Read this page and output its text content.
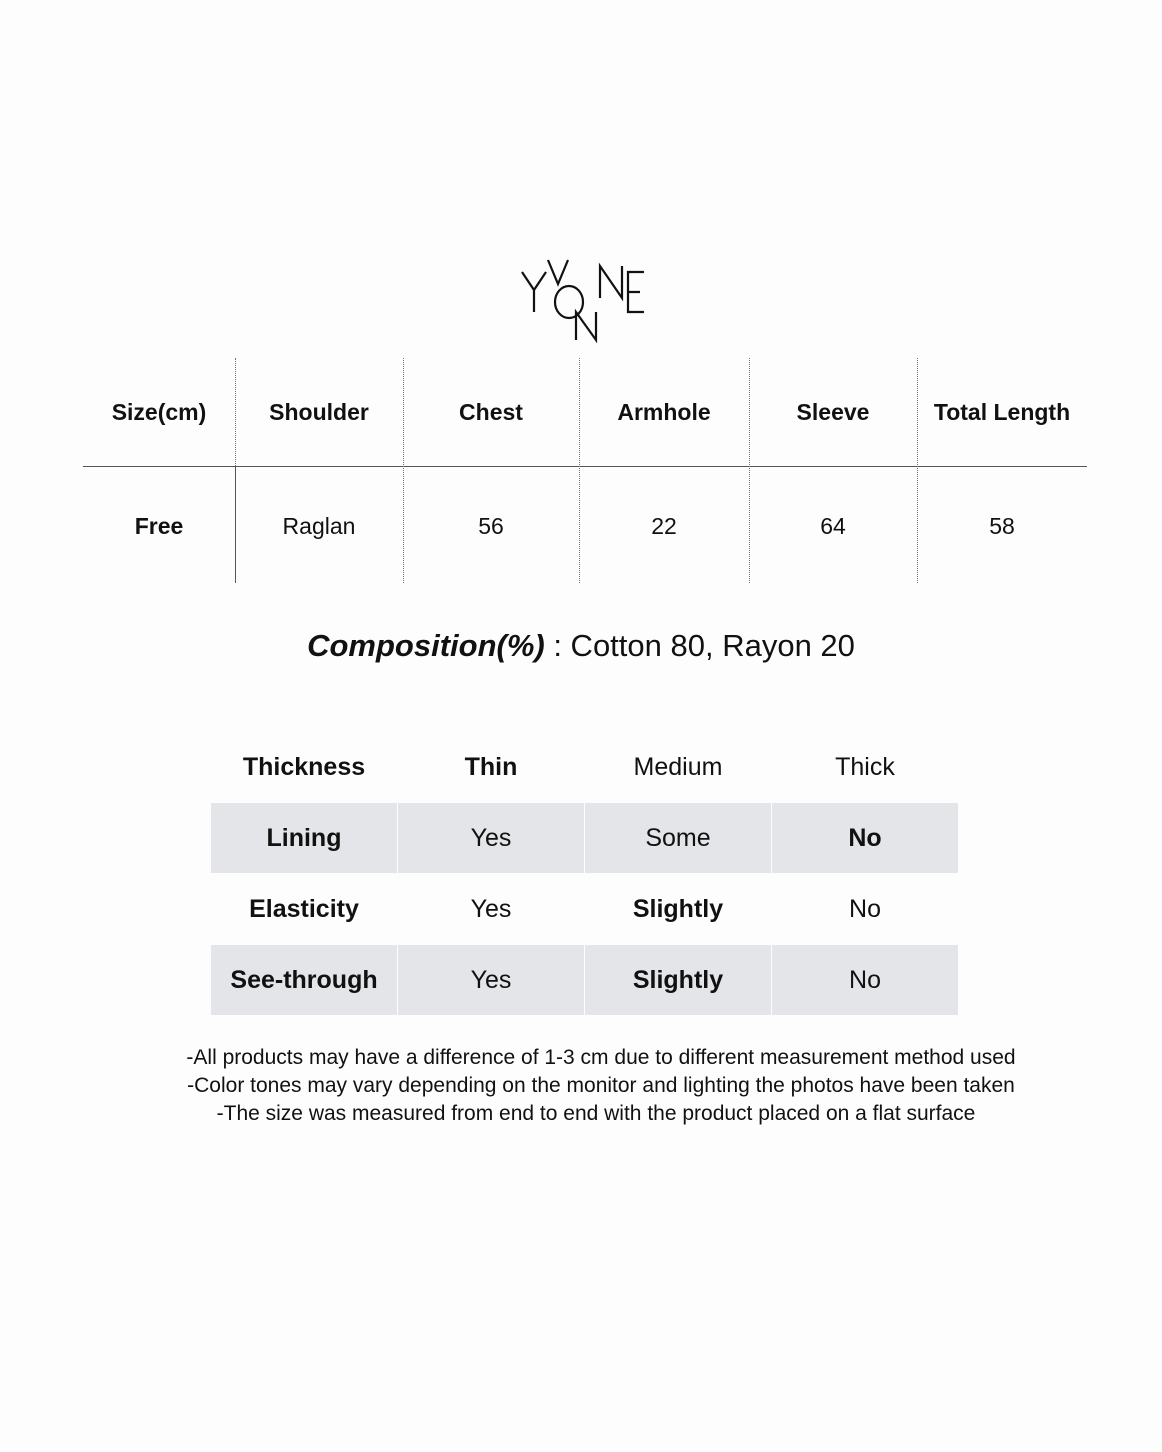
Size(cm)	Shoulder	Chest	Armhole	Sleeve	Total Length
Free	Raglan	56	22	64	58
Composition(%) : Cotton 80, Rayon 20
Thickness	Thin	Medium	Thick
Lining	Yes	Some	No
Elasticity	Yes	Slightly	No
See-through	Yes	Slightly	No
-All products may have a difference of 1-3 cm due to different measurement method used
-Color tones may vary depending on the monitor and lighting the photos have been taken
-The size was measured from end to end with the product placed on a flat surface
